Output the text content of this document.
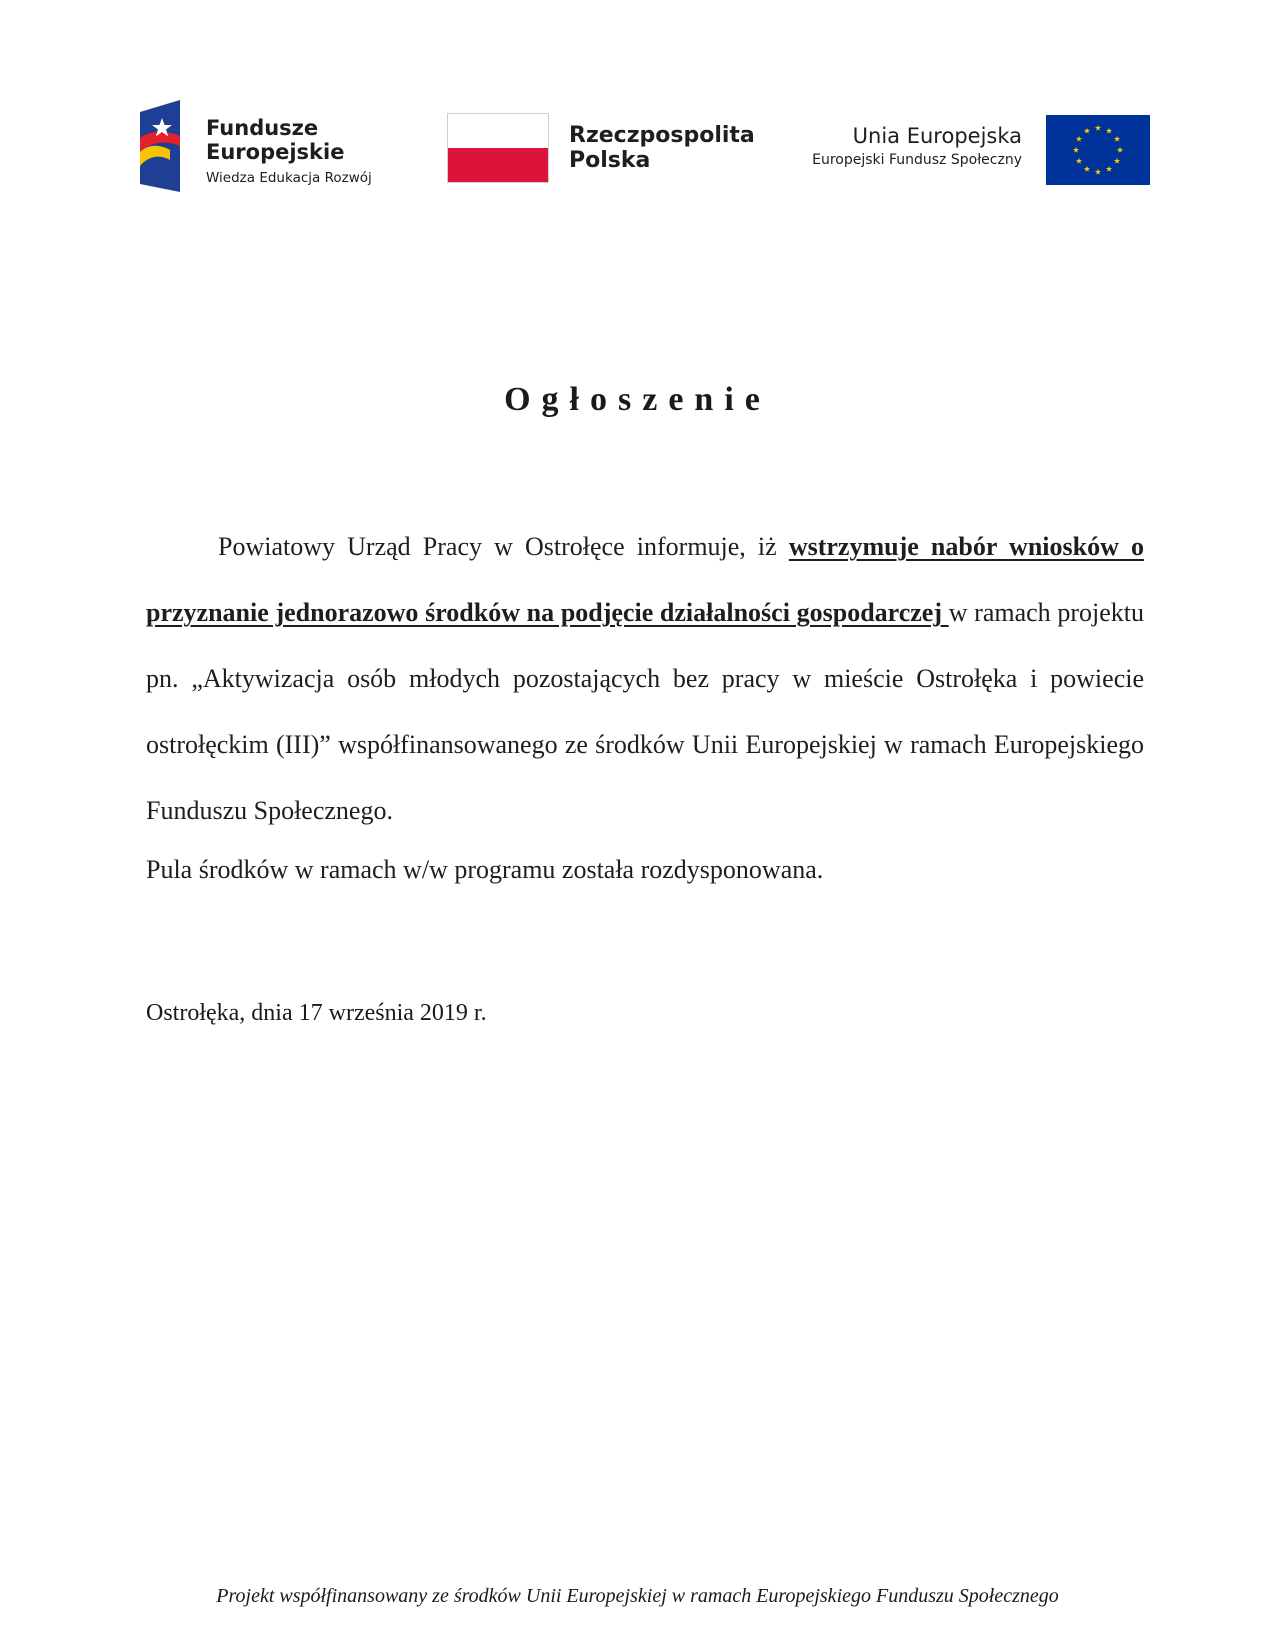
Fundusze
Europejskie
Wiedza Edukacja Rozwój
Rzeczpospolita
Polska
Unia Europejska
Europejski Fundusz Społeczny
Ogłoszenie

Powiatowy Urząd Pracy w Ostrołęce informuje, iż wstrzymuje nabór wniosków o przyznanie jednorazowo środków na podjęcie działalności gospodarczej w ramach projektu pn. „Aktywizacja osób młodych pozostających bez pracy w mieście Ostrołęka i powiecie ostrołęckim (III)” współfinansowanego ze środków Unii Europejskiej w ramach Europejskiego Funduszu Społecznego.

Pula środków w ramach w/w programu została rozdysponowana.

Ostrołęka, dnia 17 września 2019 r.
Projekt współfinansowany ze środków Unii Europejskiej w ramach Europejskiego Funduszu Społecznego
